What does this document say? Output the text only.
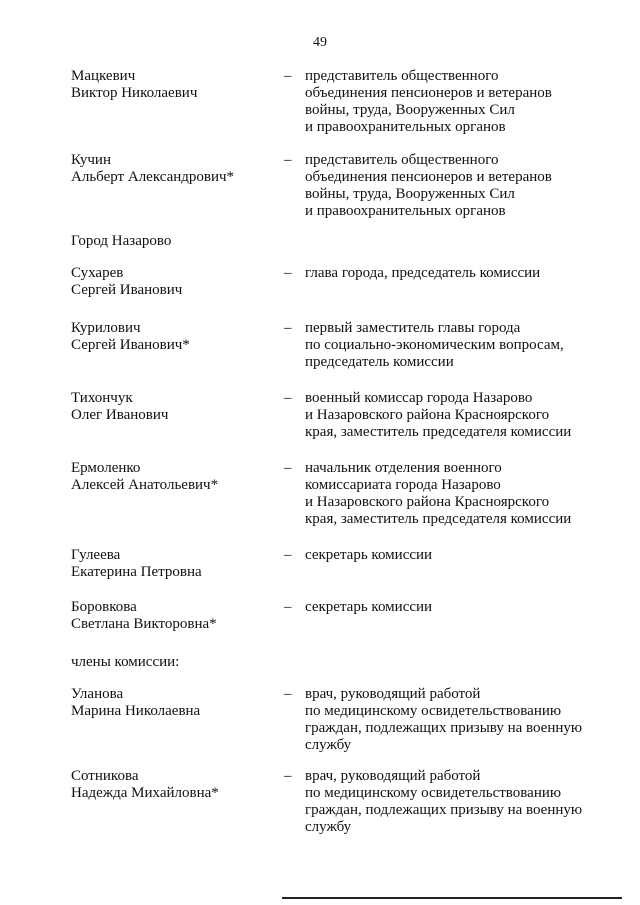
49
Мацкевич
Виктор Николаевич
– представитель общественного
объединения пенсионеров и ветеранов
войны, труда, Вооруженных Сил
и правоохранительных органов
Кучин
Альберт Александрович*
– представитель общественного
объединения пенсионеров и ветеранов
войны, труда, Вооруженных Сил
и правоохранительных органов
Город Назарово
Сухарев
Сергей Иванович
– глава города, председатель комиссии
Курилович
Сергей Иванович*
– первый заместитель главы города
по социально-экономическим вопросам,
председатель комиссии
Тихончук
Олег Иванович
– военный комиссар города Назарово
и Назаровского района Красноярского
края, заместитель председателя комиссии
Ермоленко
Алексей Анатольевич*
– начальник отделения военного
комиссариата города Назарово
и Назаровского района Красноярского
края, заместитель председателя комиссии
Гулеева
Екатерина Петровна
– секретарь комиссии
Боровкова
Светлана Викторовна*
– секретарь комиссии
члены комиссии:
Уланова
Марина Николаевна
– врач, руководящий работой
по медицинскому освидетельствованию
граждан, подлежащих призыву на военную
службу
Сотникова
Надежда Михайловна*
– врач, руководящий работой
по медицинскому освидетельствованию
граждан, подлежащих призыву на военную
службу
